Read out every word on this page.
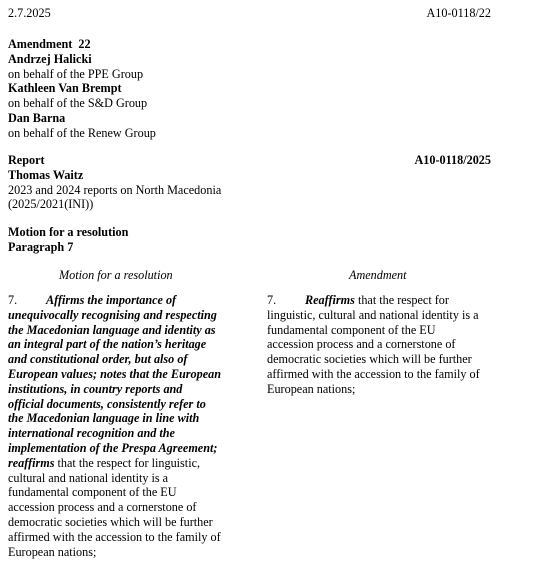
2.7.2025	A10-0118/22
Amendment  22
Andrzej Halicki
on behalf of the PPE Group
Kathleen Van Brempt
on behalf of the S&D Group
Dan Barna
on behalf of the Renew Group
Report
Thomas Waitz
2023 and 2024 reports on North Macedonia
(2025/2021(INI))
A10-0118/2025
Motion for a resolution
Paragraph 7
Motion for a resolution	Amendment
7. Affirms the importance of
unequivocally recognising and respecting
the Macedonian language and identity as
an integral part of the nation’s heritage
and constitutional order, but also of
European values; notes that the European
institutions, in country reports and
official documents, consistently refer to
the Macedonian language in line with
international recognition and the
implementation of the Prespa Agreement;
reaffirms that the respect for linguistic,
cultural and national identity is a
fundamental component of the EU
accession process and a cornerstone of
democratic societies which will be further
affirmed with the accession to the family of
European nations;
7. Reaffirms that the respect for
linguistic, cultural and national identity is a
fundamental component of the EU
accession process and a cornerstone of
democratic societies which will be further
affirmed with the accession to the family of
European nations;
